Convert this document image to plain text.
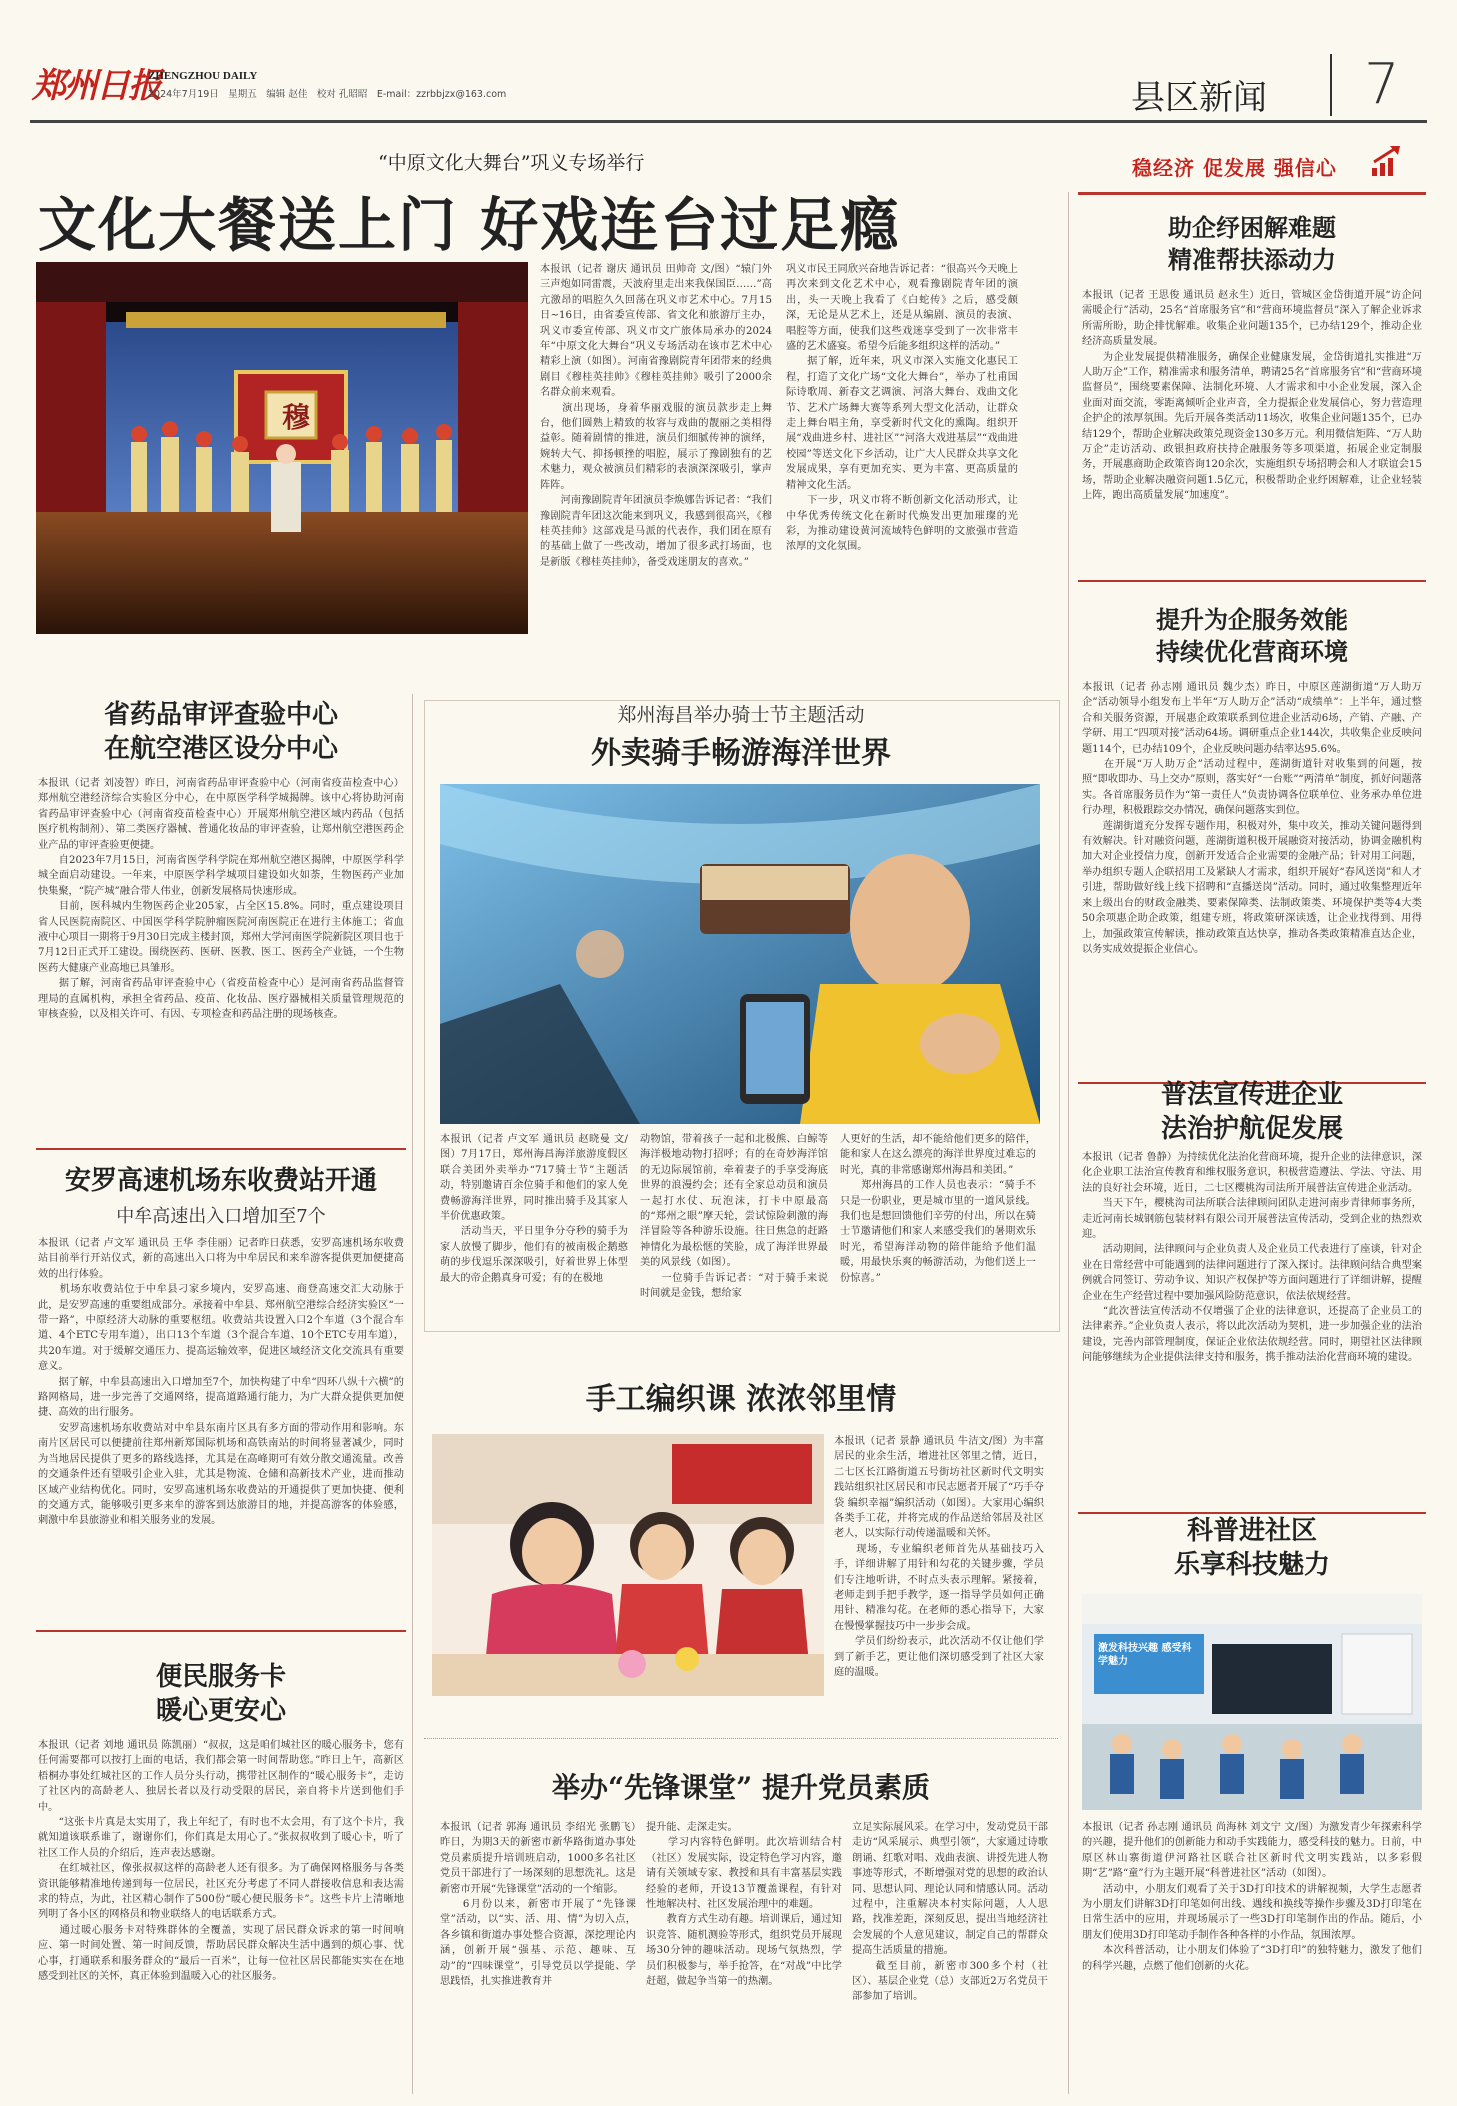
郑州日报
ZHENGZHOU DAILY
2024年7月19日　星期五　编辑 赵佳　校对 孔昭昭　E-mail：zzrbbjzx@163.com	县区新闻 7
稳经济 促发展 强信心
“中原文化大舞台”巩义专场举行
文化大餐送上门 好戏连台过足瘾
穆
本报讯（记者 谢庆 通讯员 田帅奇 文/图）“辕门外三声炮如同雷震，天波府里走出来我保国臣……”高亢激昂的唱腔久久回荡在巩义市艺术中心。7月15日~16日，由省委宣传部、省文化和旅游厅主办，巩义市委宣传部、巩义市文广旅体局承办的2024年“中原文化大舞台”巩义专场活动在该市艺术中心精彩上演（如图）。河南省豫剧院青年团带来的经典剧目《穆桂英挂帅》《穆桂英挂帅》吸引了2000余名群众前来观看。
　　演出现场，身着华丽戏服的演员款步走上舞台，他们圆熟上精致的妆容与戏曲的靓丽之美相得益彰。随着剧情的推进，演员们细腻传神的演绎，婉转大气、抑扬顿挫的唱腔，展示了豫剧独有的艺术魅力，观众被演员们精彩的表演深深吸引，掌声阵阵。
　　河南豫剧院青年团演员李焕娜告诉记者：“我们豫剧院青年团这次能来到巩义，我感到很高兴，《穆桂英挂帅》这部戏是马派的代表作，我们团在原有的基础上做了一些改动，增加了很多武打场面，也是新版《穆桂英挂帅》，备受戏迷朋友的喜欢。”
巩义市民王同欣兴奋地告诉记者：“很高兴今天晚上再次来到文化艺术中心，观看豫剧院青年团的演出，头一天晚上我看了《白蛇传》之后，感受颇深，无论是从艺术上，还是从编剧、演员的表演、唱腔等方面，使我们这些戏迷享受到了一次非常丰盛的艺术盛宴。希望今后能多组织这样的活动。”
　　据了解，近年来，巩义市深入实施文化惠民工程，打造了文化广场“文化大舞台”，举办了杜甫国际诗歌周、新春文艺调演、河洛大舞台、戏曲文化节、艺术广场舞大赛等系列大型文化活动，让群众走上舞台唱主角，享受新时代文化的熏陶。组织开展“戏曲进乡村、进社区”“河洛大戏进基层”“戏曲进校园”等送文化下乡活动，让广大人民群众共享文化发展成果，享有更加充实、更为丰富、更高质量的精神文化生活。
　　下一步，巩义市将不断创新文化活动形式，让中华优秀传统文化在新时代焕发出更加璀璨的光彩，为推动建设黄河流域特色鲜明的文旅强市营造浓厚的文化氛围。
助企纾困解难题
精准帮扶添动力
本报讯（记者 王思俊 通讯员 赵永生）近日，管城区金岱街道开展“访企问需暖企行”活动，25名“首席服务官”和“营商环境监督员”深入了解企业诉求所需所盼，助企排忧解难。收集企业问题135个，已办结129个，推动企业经济高质量发展。
　　为企业发展提供精准服务，确保企业健康发展，金岱街道扎实推进“万人助万企”工作，精准需求和服务清单，聘请25名“首席服务官”和“营商环境监督员”，围绕要素保障、法制化环境、人才需求和中小企业发展，深入企业面对面交流，零距离倾听企业声音，全力提振企业发展信心，努力营造理企护企的浓厚氛围。先后开展各类活动11场次，收集企业问题135个，已办结129个，帮助企业解决政策兑现资金130多万元。利用微信矩阵、“万人助万企”走访活动、政银担政府扶持企融服务等多项渠道，拓展企业定制服务，开展惠商助企政策咨询120余次，实施组织专场招聘会和人才联谊会15场，帮助企业解决融资问题1.5亿元，积极帮助企业纾困解难，让企业轻装上阵，跑出高质量发展“加速度”。
提升为企服务效能
持续优化营商环境
本报讯（记者 孙志刚 通讯员 魏少杰）昨日，中原区莲湖街道“万人助万企”活动领导小组发布上半年“万人助万企”活动“成绩单”：上半年，通过整合和关服务资源，开展惠企政策联系到位进企业活动6场，产销、产融、产学研、用工“四项对接”活动64场。调研重点企业144次，共收集企业反映问题114个，已办结109个，企业反映问题办结率达95.6%。
　　在开展“万人助万企”活动过程中，莲湖街道针对收集到的问题，按照“即收即办、马上交办”原则，落实好“一台账”“两清单”制度，抓好问题落实。各首席服务员作为“第一责任人”负责协调各位联单位、业务承办单位进行办理，积极跟踪交办情况，确保问题落实到位。
　　莲湖街道充分发挥专题作用，积极对外，集中攻关，推动关键问题得到有效解决。针对融资问题，莲湖街道积极开展融资对接活动，协调金融机构加大对企业授信力度，创新开发适合企业需要的金融产品；针对用工问题，举办组织专题人企联招用工及紧缺人才需求，组织开展好“春风送岗”和人才引进，帮助做好线上线下招聘和“直播送岗”活动。同时，通过收集整理近年来上级出台的财政金融类、要素保障类、法制政策类、环境保护类等4大类50余项惠企助企政策，组建专班，将政策研深读透，让企业找得到、用得上，加强政策宣传解读，推动政策直达快享，推动各类政策精准直达企业，以务实成效提振企业信心。
普法宣传进企业
法治护航促发展
本报讯（记者 鲁静）为持续优化法治化营商环境，提升企业的法律意识，深化企业职工法治宣传教育和维权服务意识，积极营造遵法、学法、守法、用法的良好社会环境，近日，二七区樱桃沟司法所开展普法宣传进企业活动。
　　当天下午，樱桃沟司法所联合法律顾问团队走进河南步青律师事务所，走近河南长城钢筋包装材料有限公司开展普法宣传活动，受到企业的热烈欢迎。
　　活动期间，法律顾问与企业负责人及企业员工代表进行了座谈，针对企业在日常经营中可能遇到的法律问题进行了深入探讨。法律顾问结合典型案例就合同签订、劳动争议、知识产权保护等方面问题进行了详细讲解，提醒企业在生产经营过程中要加强风险防范意识，依法依规经营。
　　“此次普法宣传活动不仅增强了企业的法律意识，还提高了企业员工的法律素养。”企业负责人表示，将以此次活动为契机，进一步加强企业的法治建设，完善内部管理制度，保证企业依法依规经营。同时，期望社区法律顾问能够继续为企业提供法律支持和服务，携手推动法治化营商环境的建设。
科普进社区
乐享科技魅力
激发科技兴趣 感受科学魅力
本报讯（记者 孙志刚 通讯员 尚海林 刘文宁 文/图）为激发青少年探索科学的兴趣，提升他们的创新能力和动手实践能力，感受科技的魅力。日前，中原区林山寨街道伊河路社区联合社区新时代文明实践站，以多彩假期“艺”路“童”行为主题开展“科普进社区”活动（如图）。
　　活动中，小朋友们观看了关于3D打印技术的讲解视频，大学生志愿者为小朋友们讲解3D打印笔如何出线、遇线和换线等操作步骤及3D打印笔在日常生活中的应用，并现场展示了一些3D打印笔制作出的作品。随后，小朋友们使用3D打印笔动手制作各种各样的小作品，氛围浓厚。
　　本次科普活动，让小朋友们体验了“3D打印”的独特魅力，激发了他们的科学兴趣，点燃了他们创新的火花。
省药品审评查验中心
在航空港区设分中心
本报讯（记者 刘凌智）昨日，河南省药品审评查验中心（河南省疫苗检查中心）郑州航空港经济综合实验区分中心，在中原医学科学城揭牌。该中心将协助河南省药品审评查验中心（河南省疫苗检查中心）开展郑州航空港区域内药品（包括医疗机构制剂）、第二类医疗器械、普通化妆品的审评查验，让郑州航空港医药企业产品的审评查验更便捷。
　　自2023年7月15日，河南省医学科学院在郑州航空港区揭牌，中原医学科学城全面启动建设。一年来，中原医学科学城项目建设如火如荼，生物医药产业加快集聚，“院产城”融合带人伟业，创新发展格局快速形成。
　　目前，医科城内生物医药企业205家，占全区15.8%。同时，重点建设项目省人民医院南院区、中国医学科学院肿瘤医院河南医院正在进行主体施工；省血液中心项目一期将于9月30日完成主楼封顶，郑州大学河南医学院新院区项目也于7月12日正式开工建设。围绕医药、医研、医教、医工、医药全产业链，一个生物医药大健康产业高地已具雏形。
　　据了解，河南省药品审评查验中心（省疫苗检查中心）是河南省药品监督管理局的直属机构，承担全省药品、疫苗、化妆品、医疗器械相关质量管理规范的审核查验，以及相关许可、有因、专项检查和药品注册的现场核查。
安罗高速机场东收费站开通
中牟高速出入口增加至7个
本报讯（记者 卢文军 通讯员 王华 李佳丽）记者昨日获悉，安罗高速机场东收费站目前举行开站仪式，新的高速出入口将为中牟居民和来牟游客提供更加便捷高效的出行体验。
　　机场东收费站位于中牟县刁家乡境内，安罗高速、商登高速交汇大动脉于此，是安罗高速的重要组成部分。承接着中牟县、郑州航空港综合经济实验区“一带一路”，中原经济大动脉的重要枢纽。收费站共设置入口2个车道（3个混合车道、4个ETC专用车道），出口13个车道（3个混合车道、10个ETC专用车道），共20车道。对于缓解交通压力、提高运输效率，促进区域经济文化交流具有重要意义。
　　据了解，中牟县高速出入口增加至7个，加快构建了中牟“四环八纵十六横”的路网格局，进一步完善了交通网络，提高道路通行能力，为广大群众提供更加便捷、高效的出行服务。
　　安罗高速机场东收费站对中牟县东南片区具有多方面的带动作用和影响。东南片区居民可以便捷前往郑州新郑国际机场和高铁南站的时间将显著减少，同时为当地居民提供了更多的路线选择，尤其是在高峰期可有效分散交通流量。改善的交通条件还有望吸引企业入驻，尤其是物流、仓储和高新技术产业，进而推动区域产业结构优化。同时，安罗高速机场东收费站的开通提供了更加快捷、便利的交通方式，能够吸引更多来牟的游客到达旅游目的地，并提高游客的体验感，刺激中牟县旅游业和相关服务业的发展。
便民服务卡
暖心更安心
本报讯（记者 刘地 通讯员 陈凯丽）“叔叔，这是咱们城社区的暖心服务卡，您有任何需要都可以按打上面的电话，我们都会第一时间帮助您。”昨日上午，高新区梧桐办事处红城社区的工作人员分头行动，携带社区制作的“暖心服务卡”，走访了社区内的高龄老人、独居长者以及行动受限的居民，亲自将卡片送到他们手中。
　　“这张卡片真是太实用了，我上年纪了，有时也不太会用，有了这个卡片，我就知道该联系谁了，谢谢你们，你们真是太用心了。”张叔叔收到了暖心卡，听了社区工作人员的介绍后，连声表达感谢。
　　在红城社区，像张叔叔这样的高龄老人还有很多。为了确保网格服务与各类资讯能够精准地传递到每一位居民，社区充分考虑了不同人群接收信息和表达需求的特点，为此，社区精心制作了500份“暖心便民服务卡”。这些卡片上清晰地列明了各小区的网格员和物业联络人的电话联系方式。
　　通过暖心服务卡对特殊群体的全覆盖，实现了居民群众诉求的第一时间响应、第一时间处置、第一时间反馈，帮助居民群众解决生活中遇到的烦心事、忧心事，打通联系和服务群众的“最后一百米”，让每一位社区居民都能实实在在地感受到社区的关怀，真正体验到温暖入心的社区服务。
郑州海昌举办骑士节主题活动
外卖骑手畅游海洋世界
本报讯（记者 卢文军 通讯员 赵晓曼 文/图）7月17日，郑州海昌海洋旅游度假区联合美团外卖举办“717骑士节”主题活动，特别邀请百余位骑手和他们的家人免费畅游海洋世界，同时推出骑手及其家人半价优惠政策。
　　活动当天，平日里争分夺秒的骑手为家人放慢了脚步，他们有的被南极企鹅憨萌的步伐逗乐深深吸引，好着世界上体型最大的帝企鹅真身可爱；有的在极地
动物馆，带着孩子一起和北极熊、白鲸等海洋极地动物打招呼；有的在奇妙海洋馆的无边际展馆前，牵着妻子的手享受海底世界的浪漫约会；还有全家总动员和演员一起打水仗、玩泡沫，打卡中原最高的“郑州之眼”摩天轮，尝试惊险刺激的海洋冒险等各种游乐设施。往日焦急的赶路神情化为最松惬的笑脸，成了海洋世界最美的风景线（如图）。
　　一位骑手告诉记者：“对于骑手来说时间就是金钱，想给家
人更好的生活，却不能给他们更多的陪伴，能和家人在这么漂亮的海洋世界度过难忘的时光，真的非常感谢郑州海昌和美团。”
　　郑州海昌的工作人员也表示：“骑手不只是一份职业，更是城市里的一道风景线。我们也是想回馈他们辛劳的付出，所以在骑士节邀请他们和家人来感受我们的暑期欢乐时光，希望海洋动物的陪伴能给予他们温暖，用最快乐爽的畅游活动，为他们送上一份惊喜。”
手工编织课 浓浓邻里情
本报讯（记者 景静 通讯员 牛洁文/图）为丰富居民的业余生活，增进社区邻里之情，近日，二七区长江路街道五号街坊社区新时代文明实践站组织社区居民和市民志愿者开展了“巧手夺袋 编织幸福”编织活动（如图）。大家用心编织各类手工花，并将完成的作品送给邻居及社区老人，以实际行动传递温暖和关怀。
　　现场，专业编织老师首先从基础技巧入手，详细讲解了用针和勾花的关键步骤，学员们专注地听讲，不时点头表示理解。紧接着，老师走到手把手教学，逐一指导学员如何正确用针、精准勾花。在老师的悉心指导下，大家在慢慢掌握技巧中一步步会成。
　　学员们纷纷表示，此次活动不仅让他们学到了新手艺，更让他们深切感受到了社区大家庭的温暖。
举办“先锋课堂” 提升党员素质
本报讯（记者 郭海 通讯员 李绍光 张鹏飞）昨日，为期3天的新密市新华路街道办事处党员素质提升培训班启动，1000多名社区党员干部进行了一场深刻的思想洗礼。这是新密市开展“先锋课堂”活动的一个缩影。
　　6月份以来，新密市开展了“先锋课堂”活动，以“实、活、用、情”为切入点，各乡镇和街道办事处整合资源，深挖理论内涵，创新开展“强基、示范、趣味、互动”的“四味课堂”，引导党员以学提能、学思践悟，扎实推进教育并
提升能、走深走实。
　　学习内容特色鲜明。此次培训结合村（社区）发展实际，设定特色学习内容，邀请有关领域专家、教授和具有丰富基层实践经验的老师，开设13节覆盖课程，有针对性地解决村、社区发展治理中的难题。
　　教育方式生动有趣。培训课后，通过知识竞答、随机测验等形式，组织党员开展现场30分钟的趣味活动。现场气氛热烈，学员们积极参与，举手抢答，在“对战”中比学赶超，做起争当第一的热潮。
立足实际展风采。在学习中，发动党员干部走访“风采展示、典型引领”，大家通过诗歌朗诵、红歌对唱、戏曲表演、讲授先进人物事迹等形式，不断增强对党的思想的政治认同、思想认同、理论认同和情感认同。活动过程中，注重解决本村实际问题，人人思路，找准差距，深刻反思，提出当地经济社会发展的个人意见建议，制定自己的帮群众提高生活质量的措施。
　　截至目前，新密市300多个村（社区）、基层企业党（总）支部近2万名党员干部参加了培训。
